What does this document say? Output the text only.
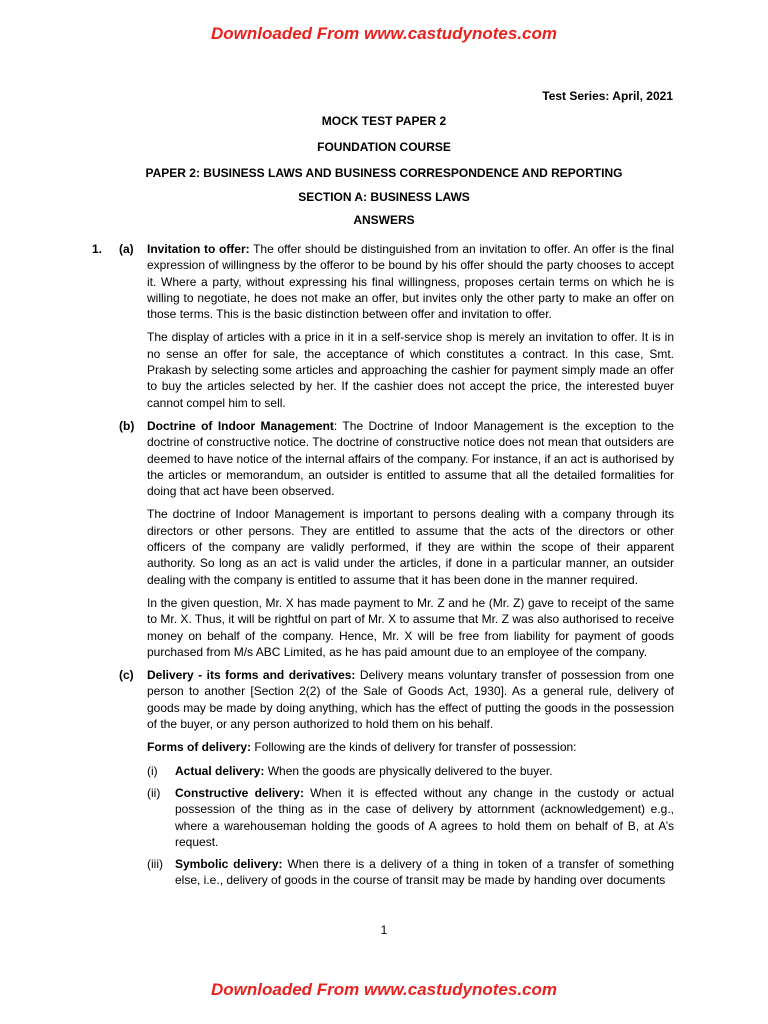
Downloaded From www.castudynotes.com
Test Series: April, 2021
MOCK TEST PAPER 2
FOUNDATION COURSE
PAPER 2: BUSINESS LAWS AND BUSINESS CORRESPONDENCE AND REPORTING
SECTION A: BUSINESS LAWS
ANSWERS
1. (a) Invitation to offer: The offer should be distinguished from an invitation to offer. An offer is the final expression of willingness by the offeror to be bound by his offer should the party chooses to accept it. Where a party, without expressing his final willingness, proposes certain terms on which he is willing to negotiate, he does not make an offer, but invites only the other party to make an offer on those terms. This is the basic distinction between offer and invitation to offer.
The display of articles with a price in it in a self-service shop is merely an invitation to offer. It is in no sense an offer for sale, the acceptance of which constitutes a contract. In this case, Smt. Prakash by selecting some articles and approaching the cashier for payment simply made an offer to buy the articles selected by her. If the cashier does not accept the price, the interested buyer cannot compel him to sell.
(b) Doctrine of Indoor Management: The Doctrine of Indoor Management is the exception to the doctrine of constructive notice. The doctrine of constructive notice does not mean that outsiders are deemed to have notice of the internal affairs of the company. For instance, if an act is authorised by the articles or memorandum, an outsider is entitled to assume that all the detailed formalities for doing that act have been observed.
The doctrine of Indoor Management is important to persons dealing with a company through its directors or other persons. They are entitled to assume that the acts of the directors or other officers of the company are validly performed, if they are within the scope of their apparent authority. So long as an act is valid under the articles, if done in a particular manner, an outsider dealing with the company is entitled to assume that it has been done in the manner required.
In the given question, Mr. X has made payment to Mr. Z and he (Mr. Z) gave to receipt of the same to Mr. X. Thus, it will be rightful on part of Mr. X to assume that Mr. Z was also authorised to receive money on behalf of the company. Hence, Mr. X will be free from liability for payment of goods purchased from M/s ABC Limited, as he has paid amount due to an employee of the company.
(c) Delivery - its forms and derivatives: Delivery means voluntary transfer of possession from one person to another [Section 2(2) of the Sale of Goods Act, 1930]. As a general rule, delivery of goods may be made by doing anything, which has the effect of putting the goods in the possession of the buyer, or any person authorized to hold them on his behalf.
Forms of delivery: Following are the kinds of delivery for transfer of possession:
(i) Actual delivery: When the goods are physically delivered to the buyer.
(ii) Constructive delivery: When it is effected without any change in the custody or actual possession of the thing as in the case of delivery by attornment (acknowledgement) e.g., where a warehouseman holding the goods of A agrees to hold them on behalf of B, at A’s request.
(iii) Symbolic delivery: When there is a delivery of a thing in token of a transfer of something else, i.e., delivery of goods in the course of transit may be made by handing over documents
1
Downloaded From www.castudynotes.com
